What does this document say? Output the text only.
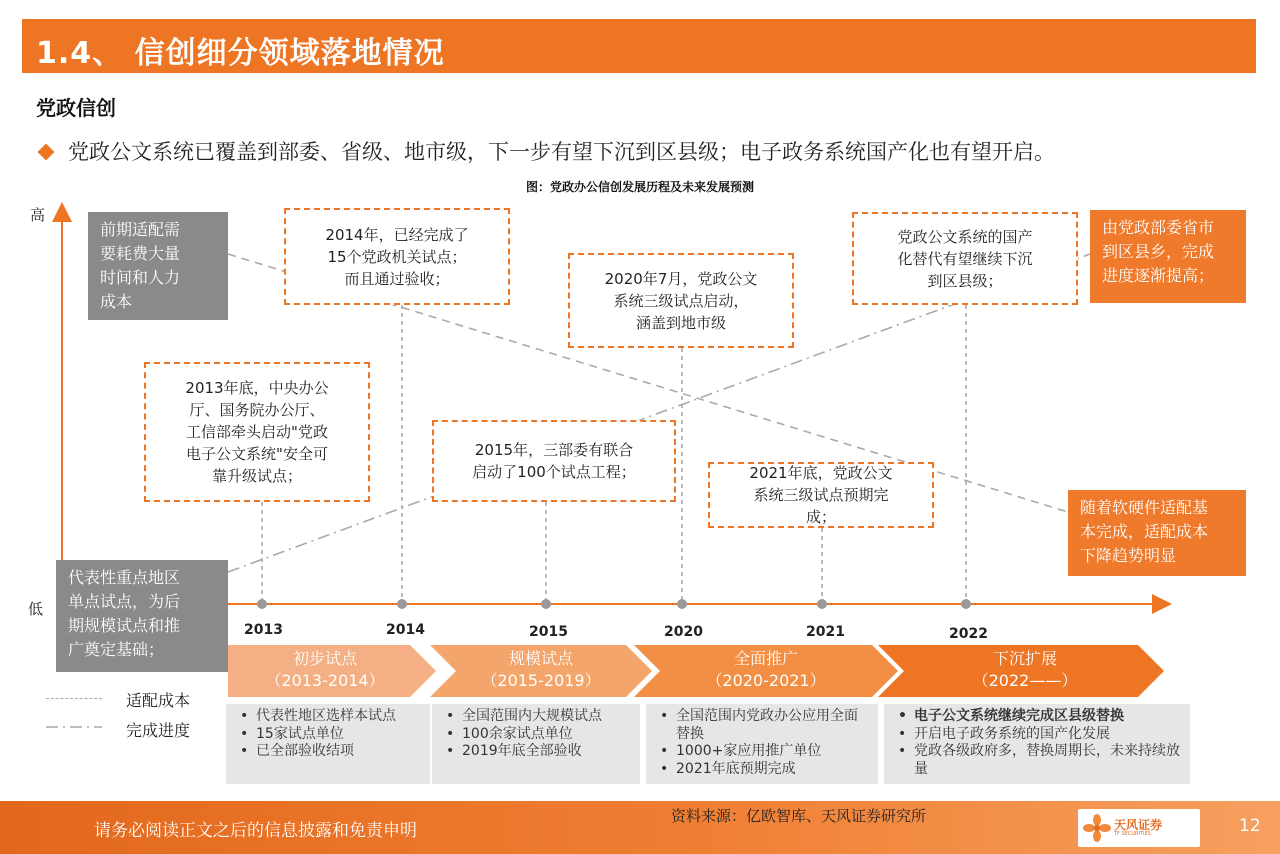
1.4、 信创细分领域落地情况
党政信创
党政公文系统已覆盖到部委、省级、地市级，下一步有望下沉到区县级；电子政务系统国产化也有望开启。
图：党政办公信创发展历程及未来发展预测
高
低
前期适配需
要耗费大量
时间和人力
成本
代表性重点地区
单点试点，为后
期规模试点和推
广奠定基础；
由党政部委省市
到区县乡，完成
进度逐渐提高；
随着软硬件适配基
本完成，适配成本
下降趋势明显
2014年，已经完成了
15个党政机关试点；
而且通过验收；	2020年7月，党政公文
系统三级试点启动，
涵盖到地市级
党政公文系统的国产
化替代有望继续下沉
到区县级；
2013年底，中央办公
厅、国务院办公厅、
工信部牵头启动"党政
电子公文系统"安全可
靠升级试点；
2015年，三部委有联合
启动了100个试点工程；	2021年底，党政公文
系统三级试点预期完
成；
2013	2014	2015	2020	2021	2022
适配成本
完成进度
初步试点
（2013-2014）
规模试点
（2015-2019）
全面推广
（2020-2021）
下沉扩展
（2022——）
• 代表性地区选样本试点
• 15家试点单位
• 已全部验收结项
• 全国范围内大规模试点
• 100余家试点单位
• 2019年底全部验收
• 全国范围内党政办公应用全面替换
• 1000+家应用推广单位
• 2021年底预期完成
• 电子公文系统继续完成区县级替换
• 开启电子政务系统的国产化发展
• 党政各级政府多，替换周期长，未来持续放量
请务必阅读正文之后的信息披露和免责申明
资料来源：亿欧智库、天风证券研究所	天风证券
TF SECURITIES	12
